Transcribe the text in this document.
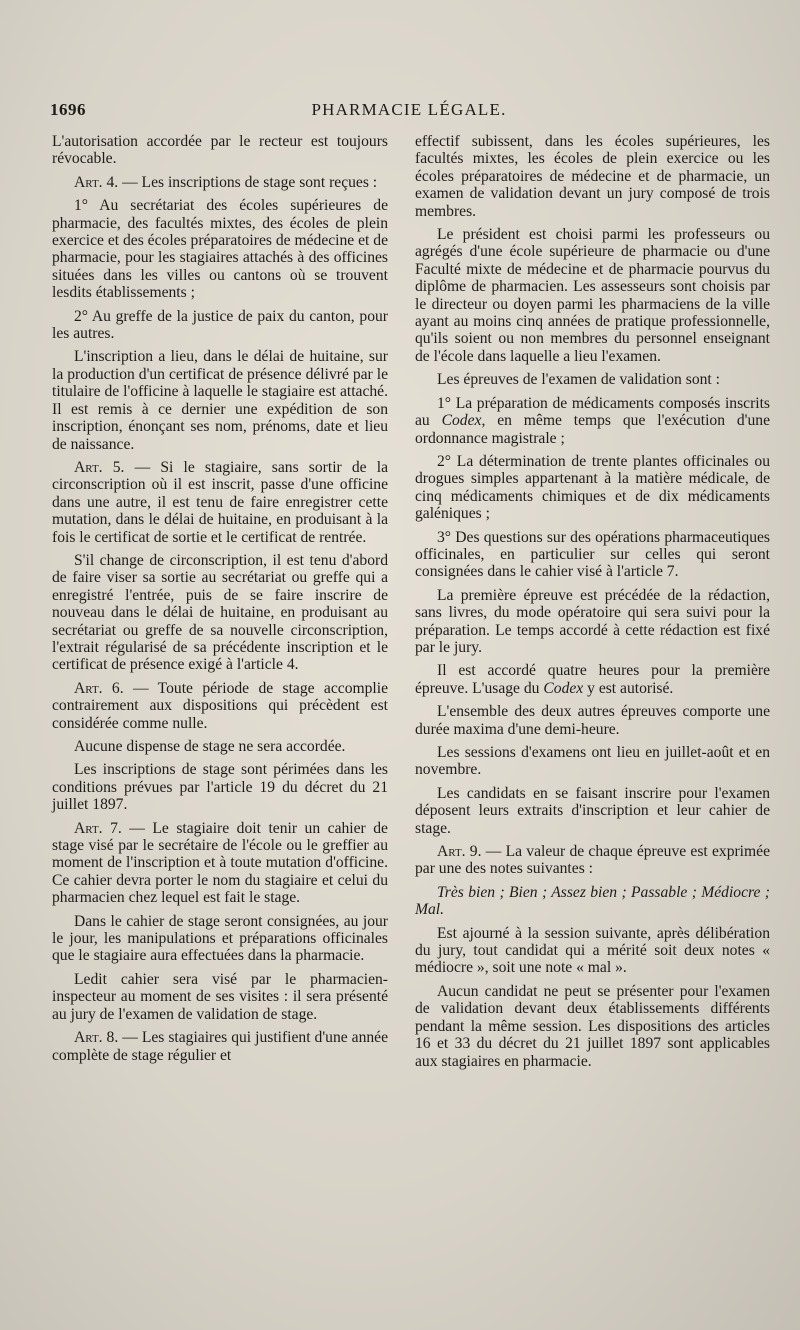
1696	PHARMACIE LÉGALE.

L'autorisation accordée par le recteur est toujours révocable.

Art. 4. — Les inscriptions de stage sont reçues :

1° Au secrétariat des écoles supérieures de pharmacie, des facultés mixtes, des écoles de plein exercice et des écoles préparatoires de médecine et de pharmacie, pour les stagiaires attachés à des officines situées dans les villes ou cantons où se trouvent lesdits établissements ;

2° Au greffe de la justice de paix du canton, pour les autres.

L'inscription a lieu, dans le délai de huitaine, sur la production d'un certificat de présence délivré par le titulaire de l'officine à laquelle le stagiaire est attaché. Il est remis à ce dernier une expédition de son inscription, énonçant ses nom, prénoms, date et lieu de naissance.

Art. 5. — Si le stagiaire, sans sortir de la circonscription où il est inscrit, passe d'une officine dans une autre, il est tenu de faire enregistrer cette mutation, dans le délai de huitaine, en produisant à la fois le certificat de sortie et le certificat de rentrée.

S'il change de circonscription, il est tenu d'abord de faire viser sa sortie au secrétariat ou greffe qui a enregistré l'entrée, puis de se faire inscrire de nouveau dans le délai de huitaine, en produisant au secrétariat ou greffe de sa nouvelle circonscription, l'extrait régularisé de sa précédente inscription et le certificat de présence exigé à l'article 4.

Art. 6. — Toute période de stage accomplie contrairement aux dispositions qui précèdent est considérée comme nulle.

Aucune dispense de stage ne sera accordée.

Les inscriptions de stage sont périmées dans les conditions prévues par l'article 19 du décret du 21 juillet 1897.

Art. 7. — Le stagiaire doit tenir un cahier de stage visé par le secrétaire de l'école ou le greffier au moment de l'inscription et à toute mutation d'officine. Ce cahier devra porter le nom du stagiaire et celui du pharmacien chez lequel est fait le stage.

Dans le cahier de stage seront consignées, au jour le jour, les manipulations et préparations officinales que le stagiaire aura effectuées dans la pharmacie.

Ledit cahier sera visé par le pharmacien-inspecteur au moment de ses visites : il sera présenté au jury de l'examen de validation de stage.

Art. 8. — Les stagiaires qui justifient d'une année complète de stage régulier et

effectif subissent, dans les écoles supérieures, les facultés mixtes, les écoles de plein exercice ou les écoles préparatoires de médecine et de pharmacie, un examen de validation devant un jury composé de trois membres.

Le président est choisi parmi les professeurs ou agrégés d'une école supérieure de pharmacie ou d'une Faculté mixte de médecine et de pharmacie pourvus du diplôme de pharmacien. Les assesseurs sont choisis par le directeur ou doyen parmi les pharmaciens de la ville ayant au moins cinq années de pratique professionnelle, qu'ils soient ou non membres du personnel enseignant de l'école dans laquelle a lieu l'examen.

Les épreuves de l'examen de validation sont :

1° La préparation de médicaments composés inscrits au Codex, en même temps que l'exécution d'une ordonnance magistrale ;

2° La détermination de trente plantes officinales ou drogues simples appartenant à la matière médicale, de cinq médicaments chimiques et de dix médicaments galéniques ;

3° Des questions sur des opérations pharmaceutiques officinales, en particulier sur celles qui seront consignées dans le cahier visé à l'article 7.

La première épreuve est précédée de la rédaction, sans livres, du mode opératoire qui sera suivi pour la préparation. Le temps accordé à cette rédaction est fixé par le jury.

Il est accordé quatre heures pour la première épreuve. L'usage du Codex y est autorisé.

L'ensemble des deux autres épreuves comporte une durée maxima d'une demi-heure.

Les sessions d'examens ont lieu en juillet-août et en novembre.

Les candidats en se faisant inscrire pour l'examen déposent leurs extraits d'inscription et leur cahier de stage.

Art. 9. — La valeur de chaque épreuve est exprimée par une des notes suivantes :

Très bien ; Bien ; Assez bien ; Passable ; Médiocre ; Mal.

Est ajourné à la session suivante, après délibération du jury, tout candidat qui a mérité soit deux notes « médiocre », soit une note « mal ».

Aucun candidat ne peut se présenter pour l'examen de validation devant deux établissements différents pendant la même session. Les dispositions des articles 16 et 33 du décret du 21 juillet 1897 sont applicables aux stagiaires en pharmacie.
